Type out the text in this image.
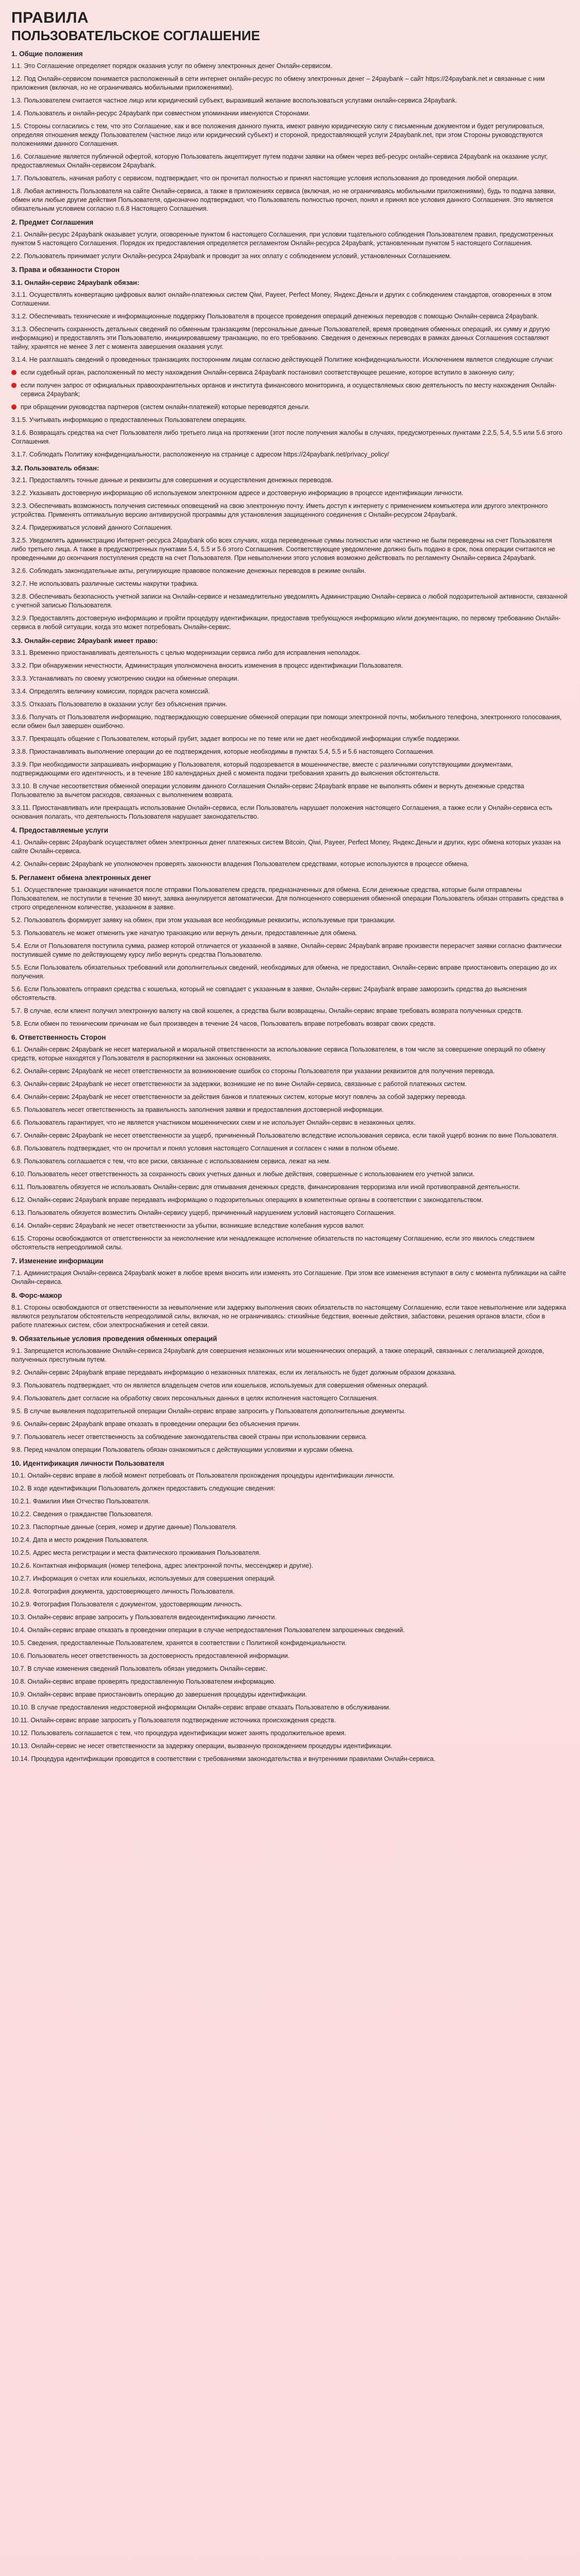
ПРАВИЛА
ПОЛЬЗОВАТЕЛЬСКОЕ СОГЛАШЕНИЕ
1. Общие положения
1.1. Это Соглашение определяет порядок оказания услуг по обмену электронных денег Онлайн-сервисом.
1.2. Под Онлайн-сервисом понимается расположенный в сети интернет онлайн-ресурс по обмену электронных денег – 24paybank – сайт https://24paybank.net и связанные с ним приложения (включая, но не ограничиваясь мобильными приложениями).
1.3. Пользователем считается частное лицо или юридический субъект, выразивший желание воспользоваться услугами онлайн-сервиса 24paybank.
1.4. Пользователь и онлайн-ресурс 24paybank при совместном упоминании именуются Сторонами.
1.5. Стороны согласились с тем, что это Соглашение, как и все положения данного пункта, имеют равную юридическую силу с письменным документом и будет регулироваться, определяя отношения между Пользователем (частное лицо или юридический субъект) и стороной, предоставляющей услуги 24paybank.net, при этом Стороны руководствуются положениями данного Соглашения.
1.6. Соглашение является публичной офертой, которую Пользователь акцептирует путем подачи заявки на обмен через веб-ресурс онлайн-сервиса 24paybank на оказание услуг, предоставляемых Онлайн-сервисом 24paybank.
1.7. Пользователь, начиная работу с сервисом, подтверждает, что он прочитал полностью и принял настоящие условия использования до проведения любой операции.
1.8. Любая активность Пользователя на сайте Онлайн-сервиса, а также в приложениях сервиса (включая, но не ограничиваясь мобильными приложениями), будь то подача заявки, обмен или любые другие действия Пользователя, однозначно подтверждают, что Пользователь полностью прочел, понял и принял все условия данного Соглашения. Это является обязательным условием согласно п.6.8 Настоящего Соглашения.
2. Предмет Соглашения
2.1. Онлайн-ресурс 24paybank оказывает услуги, оговоренные пунктом 6 настоящего Соглашения, при условии тщательного соблюдения Пользователем правил, предусмотренных пунктом 5 настоящего Соглашения. Порядок их предоставления определяется регламентом Онлайн-ресурса 24paybank, установленным пунктом 5 настоящего Соглашения.
2.2. Пользователь принимает услуги Онлайн-ресурса 24paybank и проводит за них оплату с соблюдением условий, установленных Соглашением.
3. Права и обязанности Сторон
3.1. Онлайн-сервис 24paybank обязан:
3.1.1. Осуществлять конвертацию цифровых валют онлайн-платежных систем Qiwi, Payeer, Perfect Money, Яндекс.Деньги и других с соблюдением стандартов, оговоренных в этом Соглашении.
3.1.2. Обеспечивать технические и информационные поддержку Пользователя в процессе проведения операций денежных переводов с помощью Онлайн-сервиса 24paybank.
3.1.3. Обеспечить сохранность детальных сведений по обменным транзакциям (персональные данные Пользователей, время проведения обменных операций, их сумму и другую информацию) и предоставлять эти Пользователю, инициировавшему транзакцию, по его требованию. Сведения о денежных переводах в рамках данных Соглашения составляют тайну, хранятся не менее 3 лет с момента завершения оказания услуг.
3.1.4. Не разглашать сведений о проведенных транзакциях посторонним лицам согласно действующей Политике конфиденциальности. Исключением является следующие случаи:
если судебный орган, расположенный по месту нахождения Онлайн-сервиса 24paybank постановил соответствующее решение, которое вступило в законную силу;
если получен запрос от официальных правоохранительных органов и института финансового мониторинга, и осуществляемых свою деятельность по месту нахождения Онлайн-сервиса 24paybank;
при обращении руководства партнеров (систем онлайн-платежей) которые переводятся деньги.
3.1.5. Учитывать информацию о предоставленных Пользователем операциях.
3.1.6. Возвращать средства на счет Пользователя либо третьего лица на протяжении (этот после получения жалобы в случаях, предусмотренных пунктами 2.2.5, 5.4, 5.5 или 5.6 этого Соглашения.
3.1.7. Соблюдать Политику конфиденциальности, расположенную на странице с адресом https://24paybank.net/privacy_policy/
3.2. Пользователь обязан:
3.2.1. Предоставлять точные данные и реквизиты для совершения и осуществления денежных переводов.
3.2.2. Указывать достоверную информацию об используемом электронном адресе и достоверную информацию в процессе идентификации личности.
3.2.3. Обеспечивать возможность получения системных оповещений на свою электронную почту. Иметь доступ к интернету с применением компьютера или другого электронного устройства. Применять оптимальную версию антивирусной программы для установления защищенного соединения с Онлайн-ресурсом 24paybank.
3.2.4. Придерживаться условий данного Соглашения.
3.2.5. Уведомлять администрацию Интернет-ресурса 24paybank обо всех случаях, когда переведенные суммы полностью или частично не были переведены на счет Пользователя либо третьего лица. А также в предусмотренных пунктами 5.4, 5.5 и 5.6 этого Соглашения. Соответствующее уведомление должно быть подано в срок, пока операции считаются не проведенными до окончания поступления средств на счет Пользователя. При невыполнении этого условия возможно действовать по регламенту Онлайн-сервиса 24paybank.
3.2.6. Соблюдать законодательные акты, регулирующие правовое положение денежных переводов в режиме онлайн.
3.2.7. Не использовать различные системы накрутки трафика.
3.2.8. Обеспечивать безопасность учетной записи на Онлайн-сервисе и незамедлительно уведомлять Администрацию Онлайн-сервиса о любой подозрительной активности, связанной с учетной записью Пользователя.
3.2.9. Предоставлять достоверную информацию и пройти процедуру идентификации, предоставив требующуюся информацию и/или документацию, по первому требованию Онлайн-сервиса в любой ситуации, когда это может потребовать Онлайн-сервис.
3.3. Онлайн-сервис 24paybank имеет право:
3.3.1. Временно приостанавливать деятельность с целью модернизации сервиса либо для исправления неполадок.
3.3.2. При обнаружении нечестности, Администрация уполномочена вносить изменения в процесс идентификации Пользователя.
3.3.3. Устанавливать по своему усмотрению скидки на обменные операции.
3.3.4. Определять величину комиссии, порядок расчета комиссий.
3.3.5. Отказать Пользователю в оказании услуг без объяснения причин.
3.3.6. Получать от Пользователя информацию, подтверждающую совершение обменной операции при помощи электронной почты, мобильного телефона, электронного голосования, если обмен был завершен ошибочно.
3.3.7. Прекращать общение с Пользователем, который грубит, задает вопросы не по теме или не дает необходимой информации службе поддержки.
3.3.8. Приостанавливать выполнение операции до ее подтверждения, которые необходимы в пунктах 5.4, 5.5 и 5.6 настоящего Соглашения.
3.3.9. При необходимости запрашивать информацию у Пользователя, который подозревается в мошенничестве, вместе с различными сопутствующими документами, подтверждающими его идентичность, и в течение 180 календарных дней с момента подачи требования хранить до выяснения обстоятельств.
3.3.10. В случае несоответствия обменной операции условиям данного Соглашения Онлайн-сервис 24paybank вправе не выполнять обмен и вернуть денежные средства Пользователю за вычетом расходов, связанных с выполнением возврата.
3.3.11. Приостанавливать или прекращать использование Онлайн-сервиса, если Пользователь нарушает положения настоящего Соглашения, а также если у Онлайн-сервиса есть основания полагать, что деятельность Пользователя нарушает законодательство.
4. Предоставляемые услуги
4.1. Онлайн-сервис 24paybank осуществляет обмен электронных денег платежных систем Bitcoin, Qiwi, Payeer, Perfect Money, Яндекс.Деньги и других, курс обмена которых указан на сайте Онлайн-сервиса.
4.2. Онлайн-сервис 24paybank не уполномочен проверять законности владения Пользователем средствами, которые используются в процессе обмена.
5. Регламент обмена электронных денег
5.1. Осуществление транзакции начинается после отправки Пользователем средств, предназначенных для обмена. Если денежные средства, которые были отправлены Пользователем, не поступили в течение 30 минут, заявка аннулируется автоматически. Для полноценного совершения обменной операции Пользователь обязан отправить средства в строго определенном количестве, указанном в заявке.
5.2. Пользователь формирует заявку на обмен, при этом указывая все необходимые реквизиты, используемые при транзакции.
5.3. Пользователь не может отменить уже начатую транзакцию или вернуть деньги, предоставленные для обмена.
5.4. Если от Пользователя поступила сумма, размер которой отличается от указанной в заявке, Онлайн-сервис 24paybank вправе произвести перерасчет заявки согласно фактически поступившей сумме по действующему курсу либо вернуть средства Пользователю.
5.5. Если Пользователь обязательных требований или дополнительных сведений, необходимых для обмена, не предоставил, Онлайн-сервис вправе приостановить операцию до их получения.
5.6. Если Пользователь отправил средства с кошелька, который не совпадает с указанным в заявке, Онлайн-сервис 24paybank вправе заморозить средства до выяснения обстоятельств.
5.7. В случае, если клиент получил электронную валюту на свой кошелек, а средства были возвращены, Онлайн-сервис вправе требовать возврата полученных средств.
5.8. Если обмен по техническим причинам не был произведен в течение 24 часов, Пользователь вправе потребовать возврат своих средств.
6. Ответственность Сторон
6.1. Онлайн-сервис 24paybank не несет материальной и моральной ответственности за использование сервиса Пользователем, в том числе за совершение операций по обмену средств, которые находятся у Пользователя в распоряжении на законных основаниях.
6.2. Онлайн-сервис 24paybank не несет ответственности за возникновение ошибок со стороны Пользователя при указании реквизитов для получения перевода.
6.3. Онлайн-сервис 24paybank не несет ответственности за задержки, возникшие не по вине Онлайн-сервиса, связанные с работой платежных систем.
6.4. Онлайн-сервис 24paybank не несет ответственности за действия банков и платежных систем, которые могут повлечь за собой задержку перевода.
6.5. Пользователь несет ответственность за правильность заполнения заявки и предоставления достоверной информации.
6.6. Пользователь гарантирует, что не является участником мошеннических схем и не использует Онлайн-сервис в незаконных целях.
6.7. Онлайн-сервис 24paybank не несет ответственности за ущерб, причиненный Пользователю вследствие использования сервиса, если такой ущерб возник по вине Пользователя.
6.8. Пользователь подтверждает, что он прочитал и понял условия настоящего Соглашения и согласен с ними в полном объеме.
6.9. Пользователь соглашается с тем, что все риски, связанные с использованием сервиса, лежат на нем.
6.10. Пользователь несет ответственность за сохранность своих учетных данных и любые действия, совершенные с использованием его учетной записи.
6.11. Пользователь обязуется не использовать Онлайн-сервис для отмывания денежных средств, финансирования терроризма или иной противоправной деятельности.
6.12. Онлайн-сервис 24paybank вправе передавать информацию о подозрительных операциях в компетентные органы в соответствии с законодательством.
6.13. Пользователь обязуется возместить Онлайн-сервису ущерб, причиненный нарушением условий настоящего Соглашения.
6.14. Онлайн-сервис 24paybank не несет ответственности за убытки, возникшие вследствие колебания курсов валют.
6.15. Стороны освобождаются от ответственности за неисполнение или ненадлежащее исполнение обязательств по настоящему Соглашению, если это явилось следствием обстоятельств непреодолимой силы.
7. Изменение информации
7.1. Администрация Онлайн-сервиса 24paybank может в любое время вносить или изменять это Соглашение. При этом все изменения вступают в силу с момента публикации на сайте Онлайн-сервиса.
8. Форс-мажор
8.1. Стороны освобождаются от ответственности за невыполнение или задержку выполнения своих обязательств по настоящему Соглашению, если такое невыполнение или задержка являются результатом обстоятельств непреодолимой силы, включая, но не ограничиваясь: стихийные бедствия, военные действия, забастовки, решения органов власти, сбои в работе платежных систем, сбои электроснабжения и сетей связи.
9. Обязательные условия проведения обменных операций
9.1. Запрещается использование Онлайн-сервиса 24paybank для совершения незаконных или мошеннических операций, а также операций, связанных с легализацией доходов, полученных преступным путем.
9.2. Онлайн-сервис 24paybank вправе передавать информацию о незаконных платежах, если их легальность не будет должным образом доказана.
9.3. Пользователь подтверждает, что он является владельцем счетов или кошельков, используемых для совершения обменных операций.
9.4. Пользователь дает согласие на обработку своих персональных данных в целях исполнения настоящего Соглашения.
9.5. В случае выявления подозрительной операции Онлайн-сервис вправе запросить у Пользователя дополнительные документы.
9.6. Онлайн-сервис 24paybank вправе отказать в проведении операции без объяснения причин.
9.7. Пользователь несет ответственность за соблюдение законодательства своей страны при использовании сервиса.
9.8. Перед началом операции Пользователь обязан ознакомиться с действующими условиями и курсами обмена.
10. Идентификация личности Пользователя
10.1. Онлайн-сервис вправе в любой момент потребовать от Пользователя прохождения процедуры идентификации личности.
10.2. В ходе идентификации Пользователь должен предоставить следующие сведения:
10.2.1. Фамилия Имя Отчество Пользователя.
10.2.2. Сведения о гражданстве Пользователя.
10.2.3. Паспортные данные (серия, номер и другие данные) Пользователя.
10.2.4. Дата и место рождения Пользователя.
10.2.5. Адрес места регистрации и места фактического проживания Пользователя.
10.2.6. Контактная информация (номер телефона, адрес электронной почты, мессенджер и другие).
10.2.7. Информация о счетах или кошельках, используемых для совершения операций.
10.2.8. Фотография документа, удостоверяющего личность Пользователя.
10.2.9. Фотография Пользователя с документом, удостоверяющим личность.
10.3. Онлайн-сервис вправе запросить у Пользователя видеоидентификацию личности.
10.4. Онлайн-сервис вправе отказать в проведении операции в случае непредоставления Пользователем запрошенных сведений.
10.5. Сведения, предоставленные Пользователем, хранятся в соответствии с Политикой конфиденциальности.
10.6. Пользователь несет ответственность за достоверность предоставленной информации.
10.7. В случае изменения сведений Пользователь обязан уведомить Онлайн-сервис.
10.8. Онлайн-сервис вправе проверять предоставленную Пользователем информацию.
10.9. Онлайн-сервис вправе приостановить операцию до завершения процедуры идентификации.
10.10. В случае предоставления недостоверной информации Онлайн-сервис вправе отказать Пользователю в обслуживании.
10.11. Онлайн-сервис вправе запросить у Пользователя подтверждение источника происхождения средств.
10.12. Пользователь соглашается с тем, что процедура идентификации может занять продолжительное время.
10.13. Онлайн-сервис не несет ответственности за задержку операции, вызванную прохождением процедуры идентификации.
10.14. Процедура идентификации проводится в соответствии с требованиями законодательства и внутренними правилами Онлайн-сервиса.
